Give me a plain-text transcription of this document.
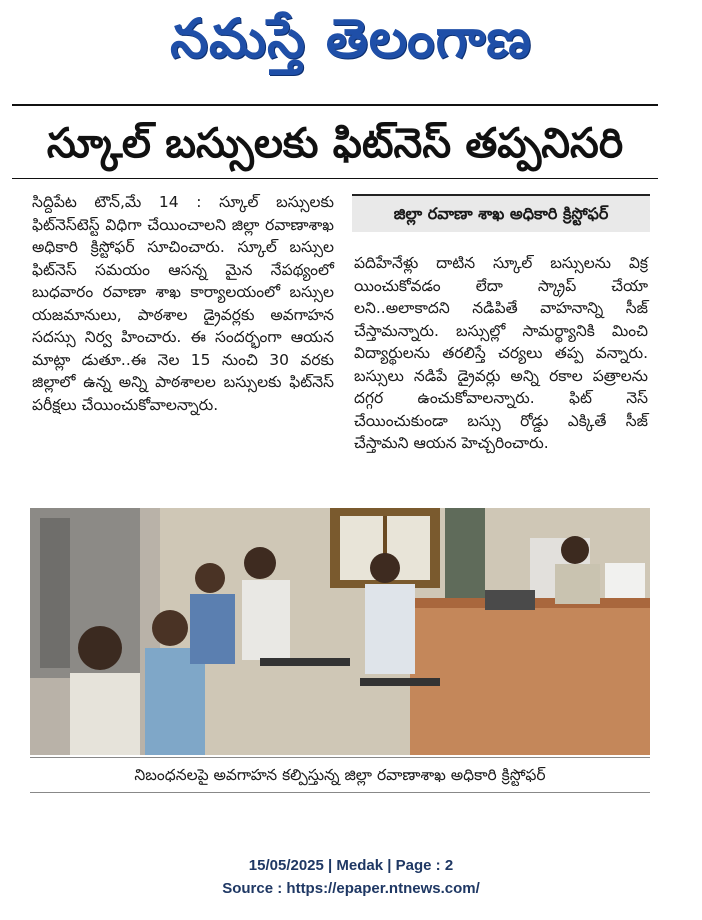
నమస్తే తెలంగాణ
స్కూల్ బస్సులకు ఫిట్‌నెస్ తప్పనిసరి
సిద్దిపేట టౌన్,మే 14 : స్కూల్ బస్సులకు ఫిట్‌నెస్‌టెస్ట్ విధిగా చేయించాలని జిల్లా రవాణాశాఖ అధికారి క్రిస్టోఫర్ సూచించారు. స్కూల్ బస్సుల ఫిట్‌నెస్ సమయం ఆసన్న మైన నేపథ్యంలో బుధవారం రవాణా శాఖ కార్యాలయంలో బస్సుల యజమానులు, పాఠశాల డ్రైవర్లకు అవగాహన సదస్సు నిర్వ హించారు. ఈ సందర్భంగా ఆయన మాట్లా డుతూ..ఈ నెల 15 నుంచి 30 వరకు జిల్లాలో ఉన్న అన్ని పాఠశాలల బస్సులకు ఫిట్‌నెస్ పరీక్షలు చేయించుకోవాలన్నారు.
జిల్లా రవాణా శాఖ అధికారి క్రిస్టోఫర్
పదిహేనేళ్లు దాటిన స్కూల్ బస్సులను విక్ర యించుకోవడం లేదా స్క్రాప్ చేయా లని..అలాకాదని నడిపితే వాహనాన్ని సీజ్ చేస్తామన్నారు. బస్సుల్లో సామర్థ్యానికి మించి విద్యార్థులను తరలిస్తే చర్యలు తప్ప వన్నారు. బస్సులు నడిపే డ్రైవర్లు అన్ని రకాల పత్రాలను దగ్గర ఉంచుకోవాలన్నారు. ఫిట్ నెస్ చేయించుకుండా బస్సు రోడ్డు ఎక్కితే సీజ్ చేస్తామని ఆయన హెచ్చరించారు.
నిబంధనలపై అవగాహన కల్పిస్తున్న జిల్లా రవాణాశాఖ అధికారి క్రిస్టోఫర్
15/05/2025 | Medak | Page : 2
Source : https://epaper.ntnews.com/
